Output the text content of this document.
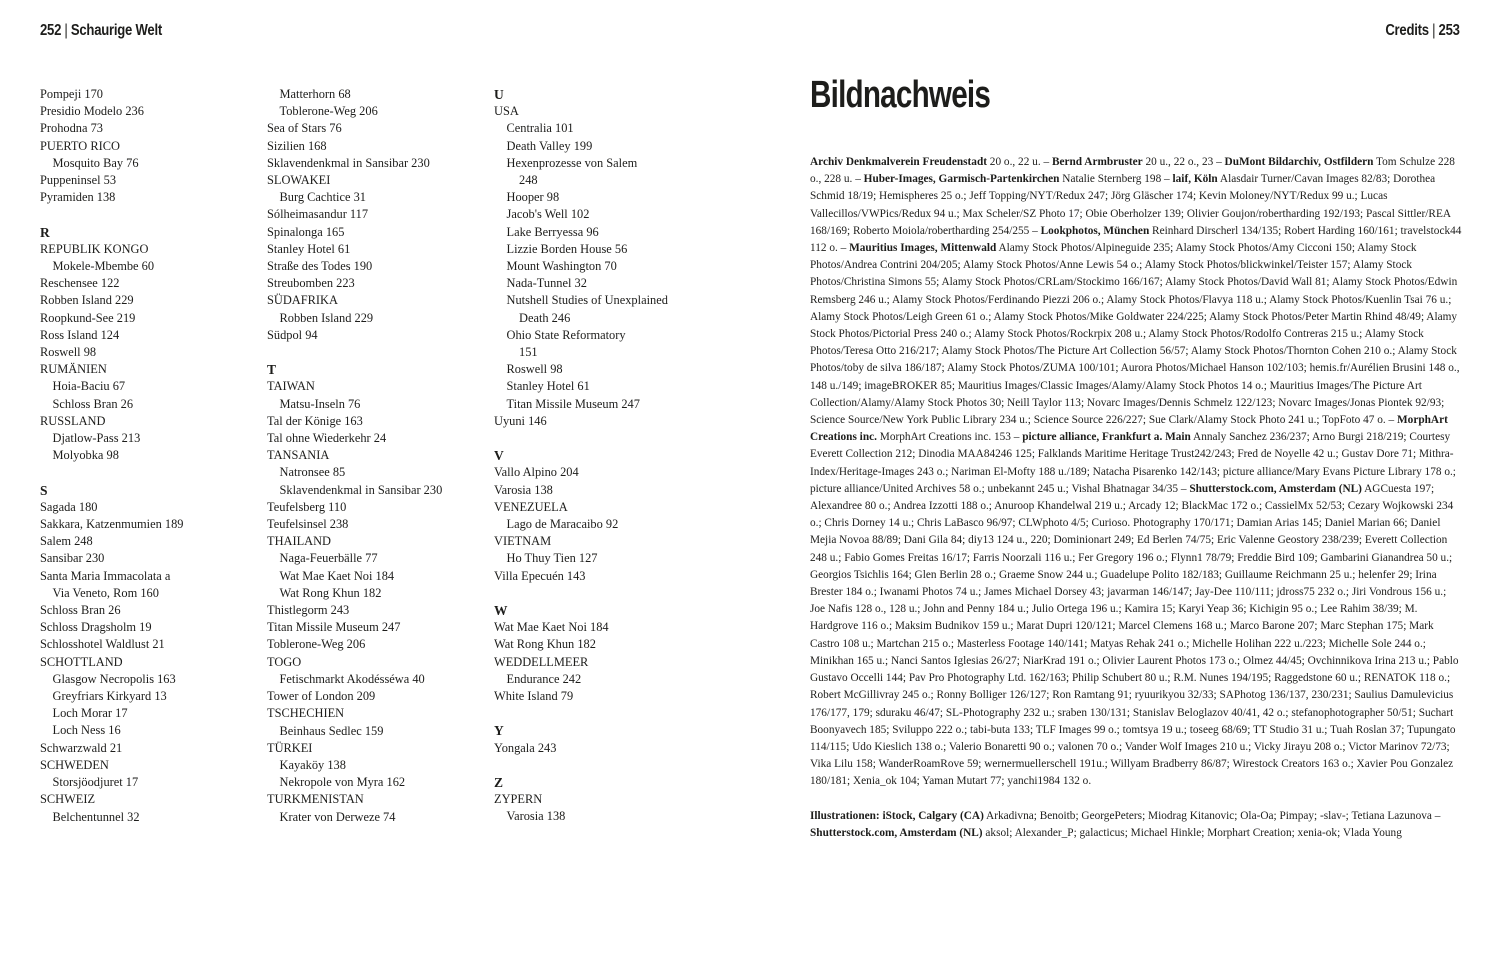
252 | Schaurige Welt	Credits | 253
Pompeji 170
Presidio Modelo 236
Prohodna 73
PUERTO RICO
Mosquito Bay 76
Puppeninsel 53
Pyramiden 138
R
REPUBLIK KONGO
Mokele-Mbembe 60
Reschensee 122
Robben Island 229
Roopkund-See 219
Ross Island 124
Roswell 98
RUMÄNIEN
Hoia-Baciu 67
Schloss Bran 26
RUSSLAND
Djatlow-Pass 213
Molyobka 98
S
Sagada 180
Sakkara, Katzenmumien 189
Salem 248
Sansibar 230
Santa Maria Immacolata a
Via Veneto, Rom 160
Schloss Bran 26
Schloss Dragsholm 19
Schlosshotel Waldlust 21
SCHOTTLAND
Glasgow Necropolis 163
Greyfriars Kirkyard 13
Loch Morar 17
Loch Ness 16
Schwarzwald 21
SCHWEDEN
Storsjöodjuret 17
SCHWEIZ
Belchentunnel 32
Matterhorn 68
Toblerone-Weg 206
Sea of Stars 76
Sizilien 168
Sklavendenkmal in Sansibar 230
SLOWAKEI
Burg Cachtice 31
Sólheimasandur 117
Spinalonga 165
Stanley Hotel 61
Straße des Todes 190
Streubomben 223
SÜDAFRIKA
Robben Island 229
Südpol 94
T
TAIWAN
Matsu-Inseln 76
Tal der Könige 163
Tal ohne Wiederkehr 24
TANSANIA
Natronsee 85
Sklavendenkmal in Sansibar 230
Teufelsberg 110
Teufelsinsel 238
THAILAND
Naga-Feuerbälle 77
Wat Mae Kaet Noi 184
Wat Rong Khun 182
Thistlegorm 243
Titan Missile Museum 247
Toblerone-Weg 206
TOGO
Fetischmarkt Akodésséwa 40
Tower of London 209
TSCHECHIEN
Beinhaus Sedlec 159
TÜRKEI
Kayaköy 138
Nekropole von Myra 162
TURKMENISTAN
Krater von Derweze 74
U
USA
Centralia 101
Death Valley 199
Hexenprozesse von Salem
248
Hooper 98
Jacob's Well 102
Lake Berryessa 96
Lizzie Borden House 56
Mount Washington 70
Nada-Tunnel 32
Nutshell Studies of Unexplained
Death 246
Ohio State Reformatory
151
Roswell 98
Stanley Hotel 61
Titan Missile Museum 247
Uyuni 146
V
Vallo Alpino 204
Varosia 138
VENEZUELA
Lago de Maracaibo 92
VIETNAM
Ho Thuy Tien 127
Villa Epecuén 143
W
Wat Mae Kaet Noi 184
Wat Rong Khun 182
WEDDELLMEER
Endurance 242
White Island 79
Y
Yongala 243
Z
ZYPERN
Varosia 138
Bildnachweis

Archiv Denkmalverein Freudenstadt 20 o., 22 u. – Bernd Armbruster 20 u., 22 o., 23 – DuMont Bildarchiv, Ostfildern Tom Schulze 228 o., 228 u. – Huber-Images, Garmisch-Partenkirchen Natalie Sternberg 198 – laif, Köln Alasdair Turner/Cavan Images 82/83; Dorothea Schmid 18/19; Hemispheres 25 o.; Jeff Topping/NYT/Redux 247; Jörg Gläscher 174; Kevin Moloney/NYT/Redux 99 u.; Lucas Vallecillos/VWPics/Redux 94 u.; Max Scheler/SZ Photo 17; Obie Oberholzer 139; Olivier Goujon/robertharding 192/193; Pascal Sittler/REA 168/169; Roberto Moiola/robertharding 254/255 – Lookphotos, München Reinhard Dirscherl 134/135; Robert Harding 160/161; travelstock44 112 o. – Mauritius Images, Mittenwald Alamy Stock Photos/Alpineguide 235; Alamy Stock Photos/Amy Cicconi 150; Alamy Stock Photos/Andrea Contrini 204/205; Alamy Stock Photos/Anne Lewis 54 o.; Alamy Stock Photos/blickwinkel/Teister 157; Alamy Stock Photos/Christina Simons 55; Alamy Stock Photos/CRLam/Stockimo 166/167; Alamy Stock Photos/David Wall 81; Alamy Stock Photos/Edwin Remsberg 246 u.; Alamy Stock Photos/Ferdinando Piezzi 206 o.; Alamy Stock Photos/Flavya 118 u.; Alamy Stock Photos/Kuenlin Tsai 76 u.; Alamy Stock Photos/Leigh Green 61 o.; Alamy Stock Photos/Mike Goldwater 224/225; Alamy Stock Photos/Peter Martin Rhind 48/49; Alamy Stock Photos/Pictorial Press 240 o.; Alamy Stock Photos/Rockrpix 208 u.; Alamy Stock Photos/Rodolfo Contreras 215 u.; Alamy Stock Photos/Teresa Otto 216/217; Alamy Stock Photos/The Picture Art Collection 56/57; Alamy Stock Photos/Thornton Cohen 210 o.; Alamy Stock Photos/toby de silva 186/187; Alamy Stock Photos/ZUMA 100/101; Aurora Photos/Michael Hanson 102/103; hemis.fr/Aurélien Brusini 148 o., 148 u./149; imageBROKER 85; Mauritius Images/Classic Images/Alamy/Alamy Stock Photos 14 o.; Mauritius Images/The Picture Art Collection/Alamy/Alamy Stock Photos 30; Neill Taylor 113; Novarc Images/Dennis Schmelz 122/123; Novarc Images/Jonas Piontek 92/93; Science Source/New York Public Library 234 u.; Science Source 226/227; Sue Clark/Alamy Stock Photo 241 u.; TopFoto 47 o. – MorphArt Creations inc. MorphArt Creations inc. 153 – picture alliance, Frankfurt a. Main Annaly Sanchez 236/237; Arno Burgi 218/219; Courtesy Everett Collection 212; Dinodia MAA84246 125; Falklands Maritime Heritage Trust242/243; Fred de Noyelle 42 u.; Gustav Dore 71; Mithra-Index/Heritage-Images 243 o.; Nariman El-Mofty 188 u./189; Natacha Pisarenko 142/143; picture alliance/Mary Evans Picture Library 178 o.; picture alliance/United Archives 58 o.; unbekannt 245 u.; Vishal Bhatnagar 34/35 – Shutterstock.com, Amsterdam (NL) AGCuesta 197; Alexandree 80 o.; Andrea Izzotti 188 o.; Anuroop Khandelwal 219 u.; Arcady 12; BlackMac 172 o.; CassielMx 52/53; Cezary Wojkowski 234 o.; Chris Dorney 14 u.; Chris LaBasco 96/97; CLWphoto 4/5; Curioso. Photography 170/171; Damian Arias 145; Daniel Marian 66; Daniel Mejia Novoa 88/89; Dani Gila 84; diy13 124 u., 220; Dominionart 249; Ed Berlen 74/75; Eric Valenne Geostory 238/239; Everett Collection 248 u.; Fabio Gomes Freitas 16/17; Farris Noorzali 116 u.; Fer Gregory 196 o.; Flynn1 78/79; Freddie Bird 109; Gambarini Gianandrea 50 u.; Georgios Tsichlis 164; Glen Berlin 28 o.; Graeme Snow 244 u.; Guadelupe Polito 182/183; Guillaume Reichmann 25 u.; helenfer 29; Irina Brester 184 o.; Iwanami Photos 74 u.; James Michael Dorsey 43; javarman 146/147; Jay-Dee 110/111; jdross75 232 o.; Jiri Vondrous 156 u.; Joe Nafis 128 o., 128 u.; John and Penny 184 u.; Julio Ortega 196 u.; Kamira 15; Karyi Yeap 36; Kichigin 95 o.; Lee Rahim 38/39; M. Hardgrove 116 o.; Maksim Budnikov 159 u.; Marat Dupri 120/121; Marcel Clemens 168 u.; Marco Barone 207; Marc Stephan 175; Mark Castro 108 u.; Martchan 215 o.; Masterless Footage 140/141; Matyas Rehak 241 o.; Michelle Holihan 222 u./223; Michelle Sole 244 o.; Minikhan 165 u.; Nanci Santos Iglesias 26/27; NiarKrad 191 o.; Olivier Laurent Photos 173 o.; Olmez 44/45; Ovchinnikova Irina 213 u.; Pablo Gustavo Occelli 144; Pav Pro Photography Ltd. 162/163; Philip Schubert 80 u.; R.M. Nunes 194/195; Raggedstone 60 u.; RENATOK 118 o.; Robert McGillivray 245 o.; Ronny Bolliger 126/127; Ron Ramtang 91; ryuurikyou 32/33; SAPhotog 136/137, 230/231; Saulius Damulevicius 176/177, 179; sduraku 46/47; SL-Photography 232 u.; sraben 130/131; Stanislav Beloglazov 40/41, 42 o.; stefanophotographer 50/51; Suchart Boonyavech 185; Sviluppo 222 o.; tabi-buta 133; TLF Images 99 o.; tomtsya 19 u.; toseeg 68/69; TT Studio 31 u.; Tuah Roslan 37; Tupungato 114/115; Udo Kieslich 138 o.; Valerio Bonaretti 90 o.; valonen 70 o.; Vander Wolf Images 210 u.; Vicky Jirayu 208 o.; Victor Marinov 72/73; Vika Lilu 158; WanderRoamRove 59; wernermuellerschell 191u.; Willyam Bradberry 86/87; Wirestock Creators 163 o.; Xavier Pou Gonzalez 180/181; Xenia_ok 104; Yaman Mutart 77; yanchi1984 132 o.

Illustrationen: iStock, Calgary (CA) Arkadivna; Benoitb; GeorgePeters; Miodrag Kitanovic; Ola-Oa; Pimpay; -slav-; Tetiana Lazunova – Shutterstock.com, Amsterdam (NL) aksol; Alexander_P; galacticus; Michael Hinkle; Morphart Creation; xenia-ok; Vlada Young
